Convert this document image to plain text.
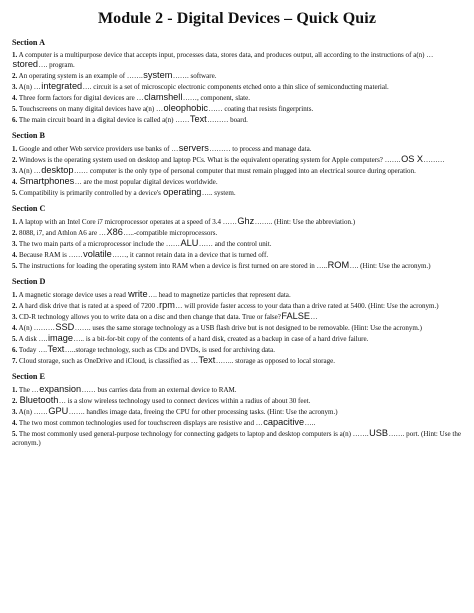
Module 2 - Digital Devices – Quick Quiz
Section A
1. A computer is a multipurpose device that accepts input, processes data, stores data, and produces output, all according to the instructions of a(n) …stored…. program.
2. An operating system is an example of …….system……. software.
3. A(n) …integrated…. circuit is a set of microscopic electronic components etched onto a thin slice of semiconducting material.
4. Three form factors for digital devices are …clamshell……, component, slate.
5. Touchscreens on many digital devices have a(n) …oleophobic…… coating that resists fingerprints.
6. The main circuit board in a digital device is called a(n) ……Text……… board.
Section B
1. Google and other Web service providers use banks of …servers……… to process and manage data.
2. Windows is the operating system used on desktop and laptop PCs. What is the equivalent operating system for Apple computers? …….OS X………
3. A(n) …desktop…… computer is the only type of personal computer that must remain plugged into an electrical source during operation.
4. Smartphones… are the most popular digital devices worldwide.
5. Compatibility is primarily controlled by a device's operating….. system.
Section C
1. A laptop with an Intel Core i7 microprocessor operates at a speed of 3.4 ……Ghz…….. (Hint: Use the abbreviation.)
2. 8088, i7, and Athlon A6 are …X86…..-compatible microprocessors.
3. The two main parts of a microprocessor include the ……ALU…… and the control unit.
4. Because RAM is ……volatile……, it cannot retain data in a device that is turned off.
5. The instructions for loading the operating system into RAM when a device is first turned on are stored in …..ROM…. (Hint: Use the acronym.)
Section D
1. A magnetic storage device uses a read write…. head to magnetize particles that represent data.
2. A hard disk drive that is rated at a speed of 7200 .rpm… will provide faster access to your data than a drive rated at 5400. (Hint: Use the acronym.)
3. CD-R technology allows you to write data on a disc and then change that data. True or false?FALSE…
4. A(n) ………SSD……. uses the same storage technology as a USB flash drive but is not designed to be removable. (Hint: Use the acronym.)
5. A disk ….image….. is a bit-for-bit copy of the contents of a hard disk, created as a backup in case of a hard drive failure.
6. Today ….Text…..storage technology, such as CDs and DVDs, is used for archiving data.
7. Cloud storage, such as OneDrive and iCloud, is classified as …Text…….. storage as opposed to local storage.
Section E
1. The …expansion…… bus carries data from an external device to RAM.
2. Bluetooth… is a slow wireless technology used to connect devices within a radius of about 30 feet.
3. A(n) ……GPU……. handles image data, freeing the CPU for other processing tasks. (Hint: Use the acronym.)
4. The two most common technologies used for touchscreen displays are resistive and …capacitive…..
5. The most commonly used general-purpose technology for connecting gadgets to laptop and desktop computers is a(n) …….USB……. port. (Hint: Use the acronym.)
